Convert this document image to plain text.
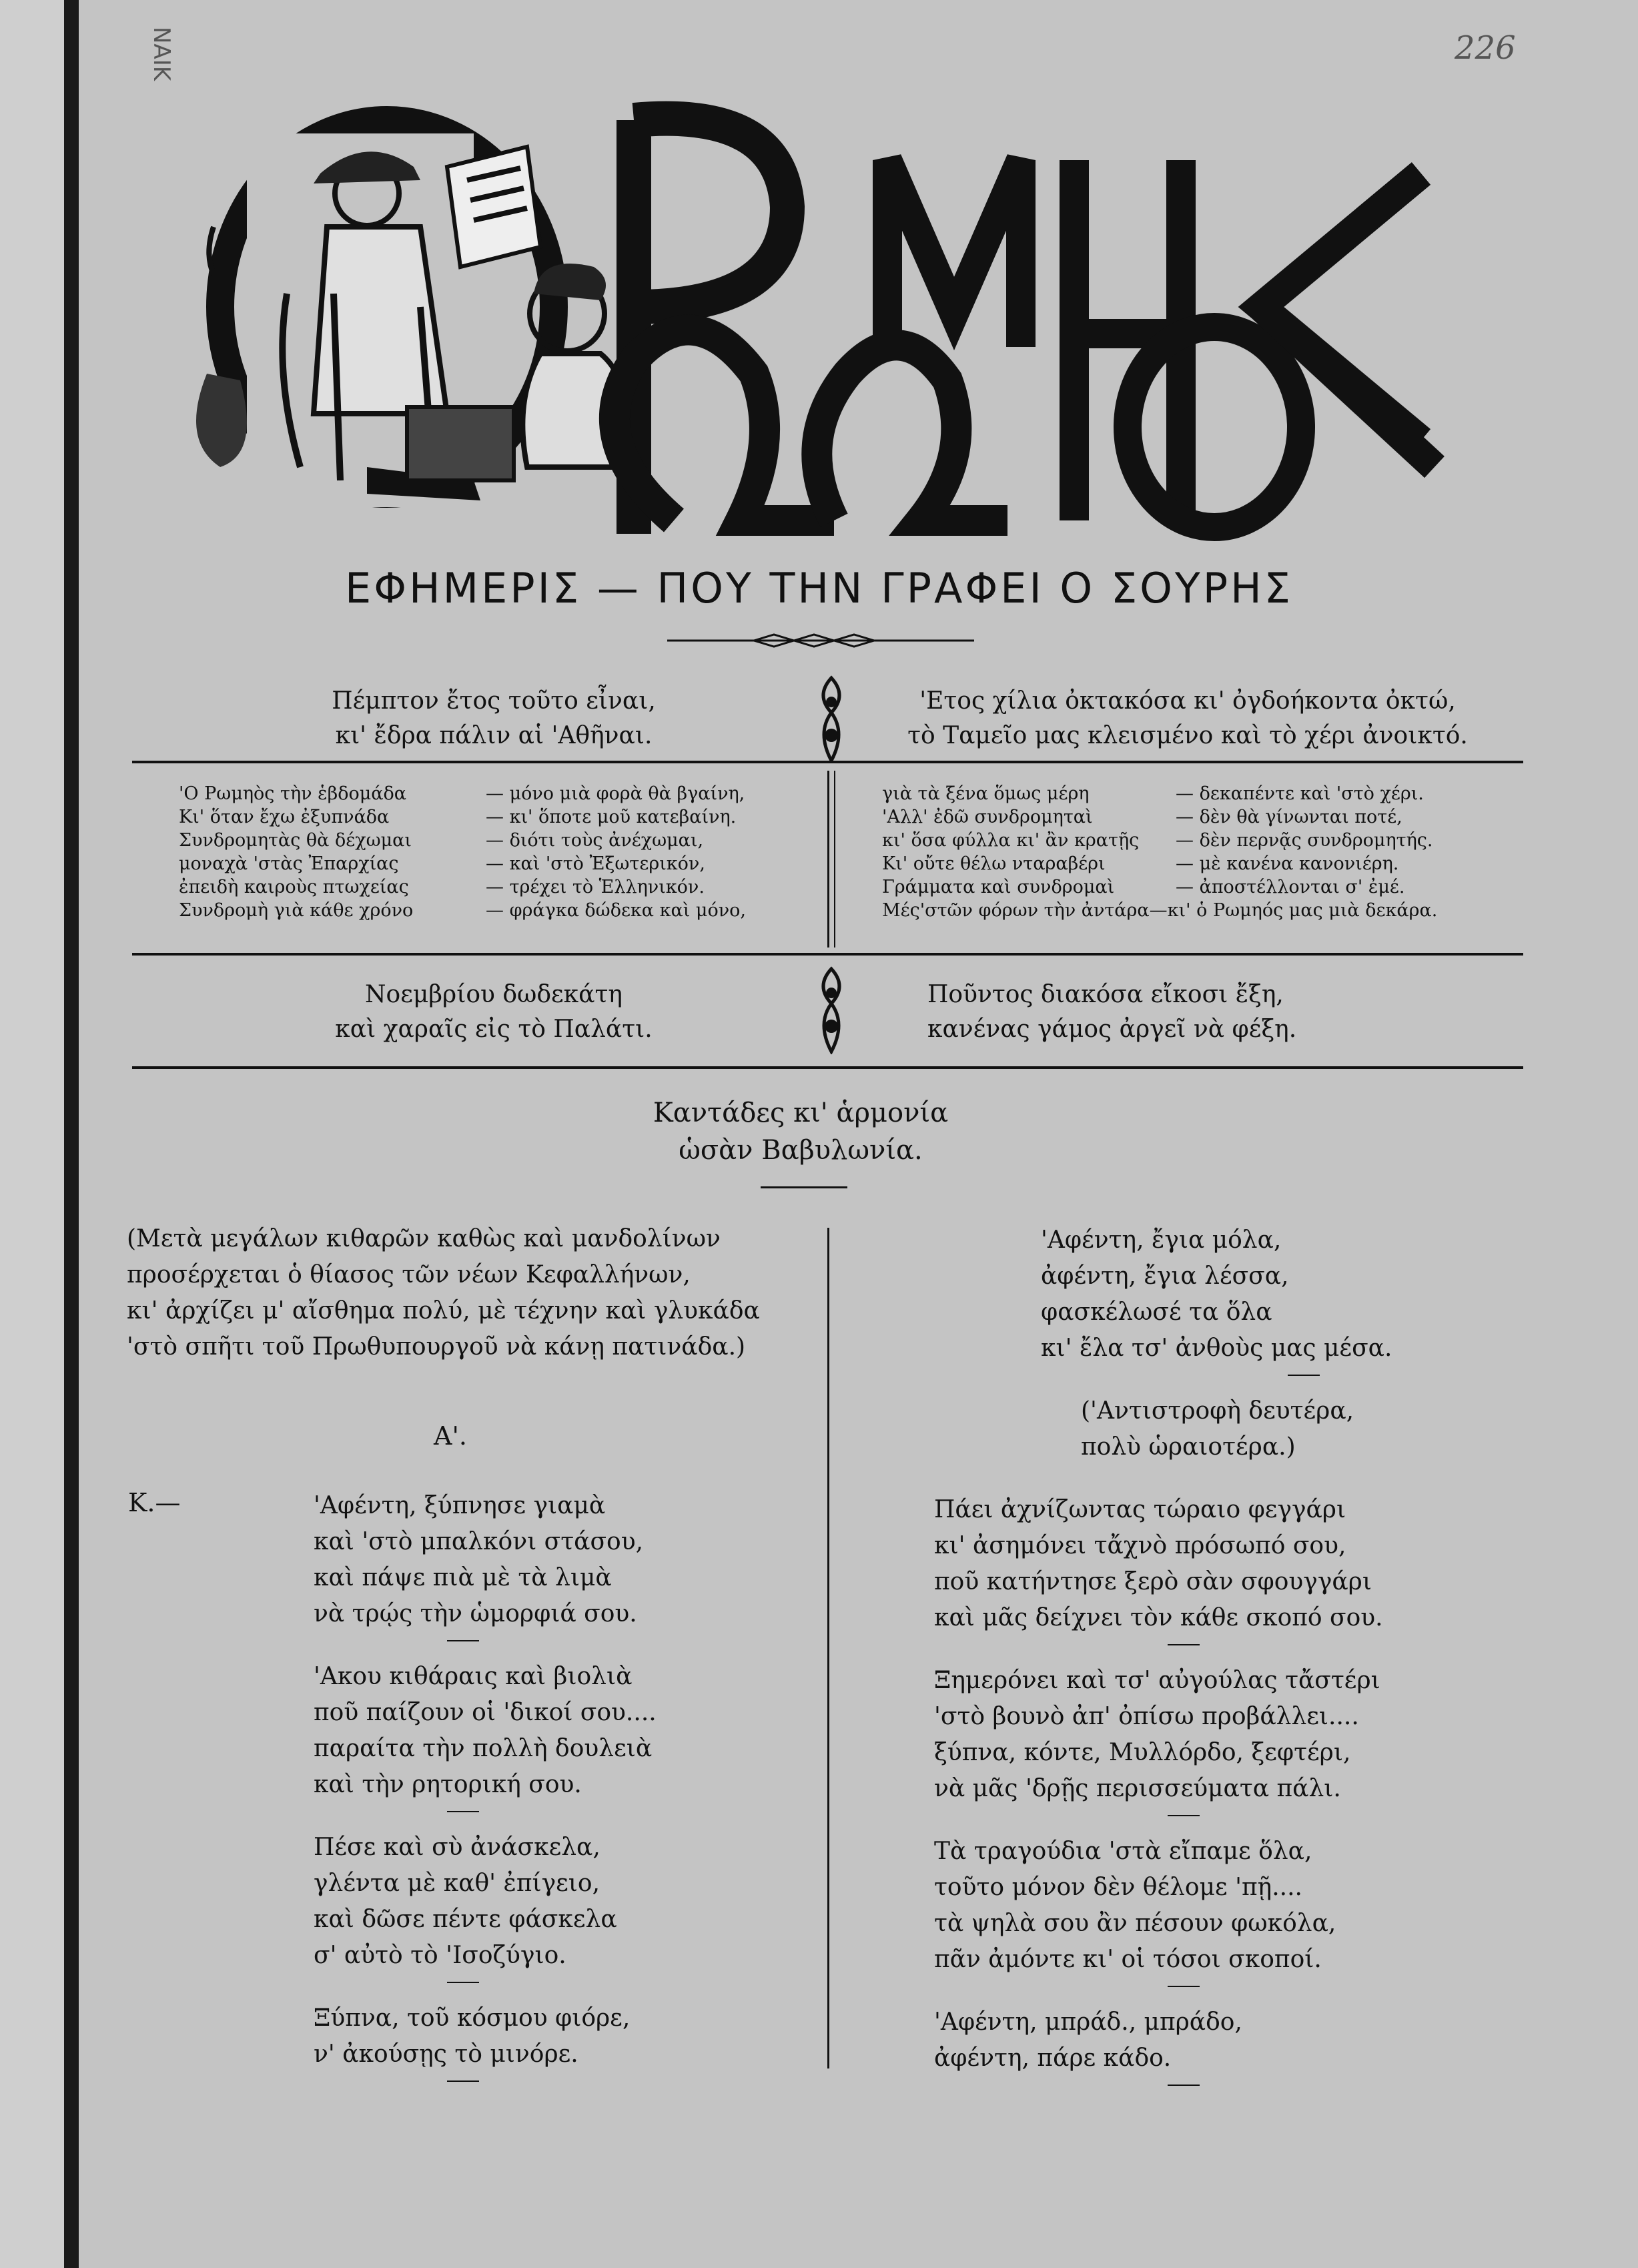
ΝΑΙΚ	226
ΕΦΗΜΕΡΙΣ — ΠΟΥ ΤΗΝ ΓΡΑΦΕΙ Ο ΣΟΥΡΗΣ
Πέμπτον ἔτος τοῦτο εἶναι,
κι' ἔδρα πάλιν αἱ 'Αθῆναι.
'Ετος χίλια ὀκτακόσα κι' ὀγδοήκοντα ὀκτώ,
τὸ Ταμεῖο μας κλεισμένο καὶ τὸ χέρι ἀνοικτό.
'Ο Ρωμηὸς τὴν ἑβδομάδα	— μόνο μιὰ φορὰ θὰ βγαίνη,
Κι' ὅταν ἔχω ἐξυπνάδα	— κι' ὅποτε μοῦ κατεβαίνη.
Συνδρομητὰς θὰ δέχωμαι	— διότι τοὺς ἀνέχωμαι,
μοναχὰ 'στὰς Ἐπαρχίας	— καὶ 'στὸ Ἐξωτερικόν,
ἐπειδὴ καιροὺς πτωχείας	— τρέχει τὸ Ἑλληνικόν.
Συνδρομὴ γιὰ κάθε χρόνο	— φράγκα δώδεκα καὶ μόνο,
γιὰ τὰ ξένα ὅμως μέρη	— δεκαπέντε καὶ 'στὸ χέρι.
'Αλλ' ἐδῶ συνδρομηταὶ	— δὲν θὰ γίνωνται ποτέ,
κι' ὅσα φύλλα κι' ἂν κρατῇς	— δὲν περνᾷς συνδρομητής.
Κι' οὔτε θέλω νταραβέρι	— μὲ κανένα κανονιέρη.
Γράμματα καὶ συνδρομαὶ	— ἀποστέλλονται σ' ἐμέ.
Μές'στῶν φόρων τὴν ἀντάρα—κι' ὁ Ρωμηός μας μιὰ δεκάρα.
Νοεμβρίου δωδεκάτη
καὶ χαραῖς εἰς τὸ Παλάτι.
Ποῦντος διακόσα εἴκοσι ἔξη,
κανένας γάμος ἀργεῖ νὰ φέξη.
Καντάδες κι' ἁρμονία
ὡσὰν Βαβυλωνία.
(Μετὰ μεγάλων κιθαρῶν καθὼς καὶ μανδολίνων
προσέρχεται ὁ θίασος τῶν νέων Κεφαλλήνων,
κι' ἀρχίζει μ' αἴσθημα πολύ, μὲ τέχνην καὶ γλυκάδα
'στὸ σπῆτι τοῦ Πρωθυπουργοῦ νὰ κάνῃ πατινάδα.)
Α'.
Κ.—	'Αφέντη, ξύπνησε γιαμὰ
καὶ 'στὸ μπαλκόνι στάσου,
καὶ πάψε πιὰ μὲ τὰ λιμὰ
νὰ τρῴς τὴν ὡμορφιά σου.
'Ακου κιθάραις καὶ βιολιὰ
ποῦ παίζουν οἱ 'δικοί σου....
παραίτα τὴν πολλὴ δουλειὰ
καὶ τὴν ρητορική σου.
Πέσε καὶ σὺ ἀνάσκελα,
γλέντα μὲ καθ' ἐπίγειο,
καὶ δῶσε πέντε φάσκελα
σ' αὐτὸ τὸ 'Ισοζύγιο.
Ξύπνα, τοῦ κόσμου φιόρε,
ν' ἀκούσῃς τὸ μινόρε.
'Αφέντη, ἔγια μόλα,
ἀφέντη, ἔγια λέσσα,
φασκέλωσέ τα ὅλα
κι' ἔλα τσ' ἀνθοὺς μας μέσα.
('Αντιστροφὴ δευτέρα,
πολὺ ὡραιοτέρα.)
Πάει ἀχνίζωντας τώραιο φεγγάρι
κι' ἀσημόνει τἄχνὸ πρόσωπό σου,
ποῦ κατήντησε ξερὸ σὰν σφουγγάρι
καὶ μᾶς δείχνει τὸν κάθε σκοπό σου.
Ξημερόνει καὶ τσ' αὐγούλας τἄστέρι
'στὸ βουνὸ ἀπ' ὀπίσω προβάλλει....
ξύπνα, κόντε, Μυλλόρδο, ξεφτέρι,
νὰ μᾶς 'δρῇς περισσεύματα πάλι.
Τὰ τραγούδια 'στὰ εἴπαμε ὅλα,
τοῦτο μόνον δὲν θέλομε 'πῇ....
τὰ ψηλὰ σου ἂν πέσουν φωκόλα,
πᾶν ἀμόντε κι' οἱ τόσοι σκοποί.
'Αφέντη, μπράδ., μπράδο,
ἀφέντη, πάρε κάδο.
